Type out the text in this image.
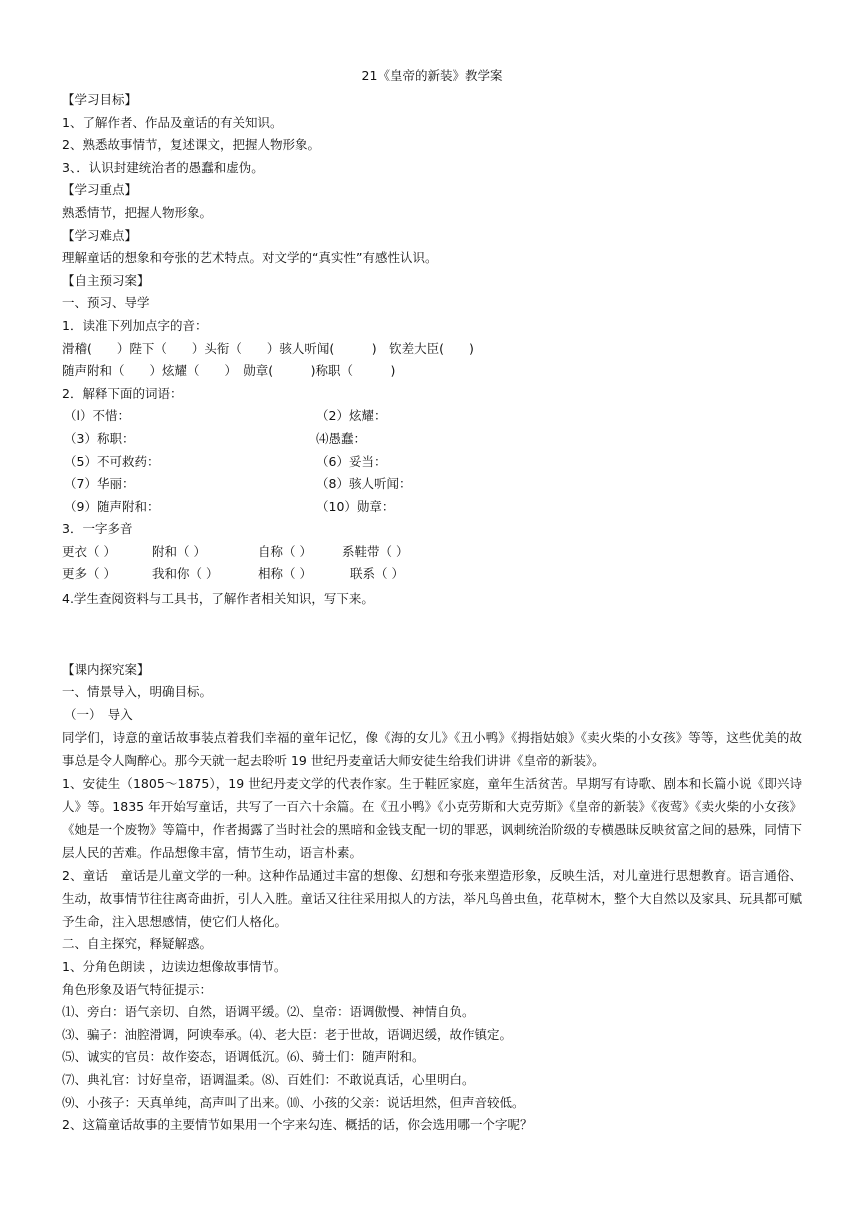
21《皇帝的新装》教学案
【学习目标】
1、了解作者、作品及童话的有关知识。
2、熟悉故事情节，复述课文，把握人物形象。
3、．认识封建统治者的愚蠢和虚伪。
【学习重点】
熟悉情节，把握人物形象。
【学习难点】
理解童话的想象和夸张的艺术特点。对文学的“真实性”有感性认识。
【自主预习案】
一、预习、导学
1．读准下列加点字的音：
滑稽(　　）陛下（　　）头衔（　　）骇人听闻(　　　)　钦差大臣(　　)
随声附和（　　）炫耀（　　）　勋章(　　　)称职（　　　)
2．解释下面的词语：
（l）不惜：	（2）炫耀：
（3）称职：	⑷愚蠢：
（5）不可救药：	（6）妥当：
（7）华丽：	（8）骇人听闻：
（9）随声附和：	（10）勋章：
3．一字多音
更衣（ ）	附和（ ）	自称（ ） 系鞋带（ ）
更多（ ）	我和你（ ）	相称（ ）	联系（ ）
4.学生查阅资料与工具书，了解作者相关知识，写下来。
【课内探究案】
一、情景导入，明确目标。
（一）　导入
同学们，诗意的童话故事装点着我们幸福的童年记忆，像《海的女儿》《丑小鸭》《拇指姑娘》《卖火柴的小女孩》等等，这些优美的故事总是令人陶醉心。那今天就一起去聆听 19 世纪丹麦童话大师安徒生给我们讲讲《皇帝的新装》。
1、安徒生（1805～1875），19 世纪丹麦文学的代表作家。生于鞋匠家庭，童年生活贫苦。早期写有诗歌、剧本和长篇小说《即兴诗人》等。1835 年开始写童话，共写了一百六十余篇。在《丑小鸭》《小克劳斯和大克劳斯》《皇帝的新装》《夜莺》《卖火柴的小女孩》《她是一个废物》等篇中，作者揭露了当时社会的黑暗和金钱支配一切的罪恶，讽刺统治阶级的专横愚昧反映贫富之间的悬殊，同情下层人民的苦难。作品想像丰富，情节生动，语言朴素。
2、童话　童话是儿童文学的一种。这种作品通过丰富的想像、幻想和夸张来塑造形象，反映生活，对儿童进行思想教育。语言通俗、生动，故事情节往往离奇曲折，引人入胜。童话又往往采用拟人的方法，举凡鸟兽虫鱼，花草树木，整个大自然以及家具、玩具都可赋予生命，注入思想感情，使它们人格化。
二、自主探究，释疑解惑。
1、分角色朗读 ，边读边想像故事情节。
角色形象及语气特征提示：
⑴、旁白：语气亲切、自然，语调平缓。⑵、皇帝：语调傲慢、神情自负。
⑶、骗子：油腔滑调，阿谀奉承。⑷、老大臣：老于世故，语调迟缓，故作镇定。
⑸、诚实的官员：故作姿态，语调低沉。⑹、骑士们：随声附和。
⑺、典礼官：讨好皇帝，语调温柔。⑻、百姓们：不敢说真话，心里明白。
⑼、小孩子：天真单纯，高声叫了出来。⑽、小孩的父亲：说话坦然，但声音较低。
2、这篇童话故事的主要情节如果用一个字来勾连、概括的话，你会选用哪一个字呢？
